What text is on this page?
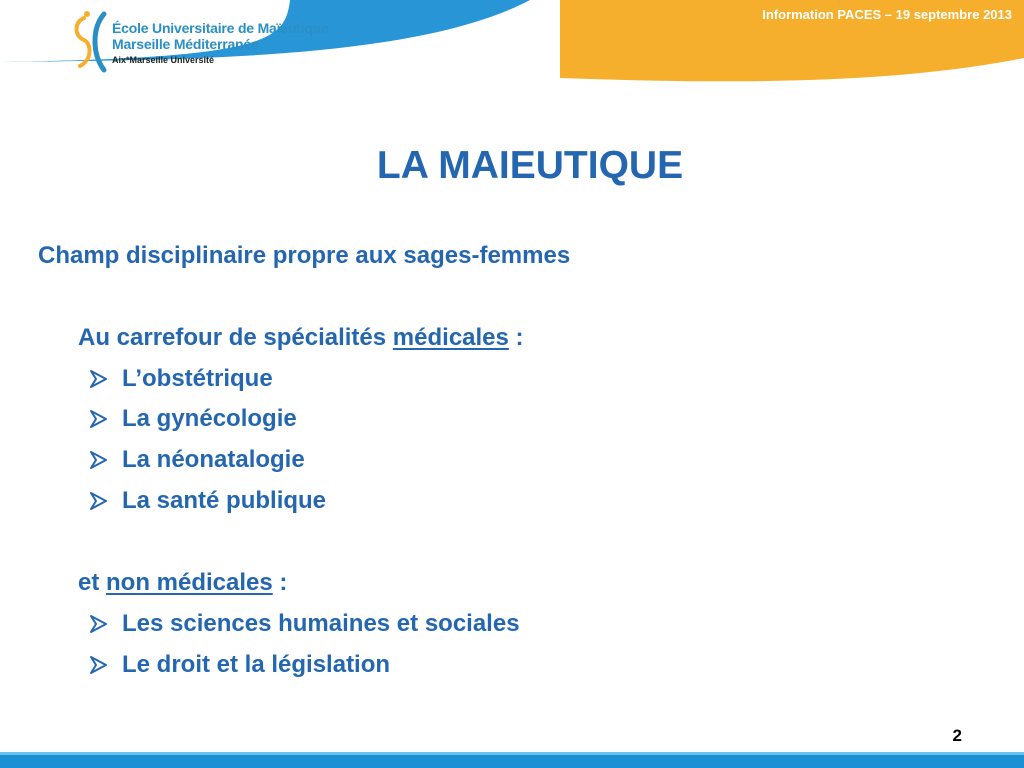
Information PACES – 19 septembre 2013
École Universitaire de Maïeutique
Marseille Méditerranée
Aix*Marseille Université
LA MAIEUTIQUE
Champ disciplinaire propre aux sages-femmes
Au carrefour de spécialités médicales :
L’obstétrique
La gynécologie
La néonatalogie
La santé publique
et non médicales :
Les sciences humaines et sociales
Le droit et la législation
2
